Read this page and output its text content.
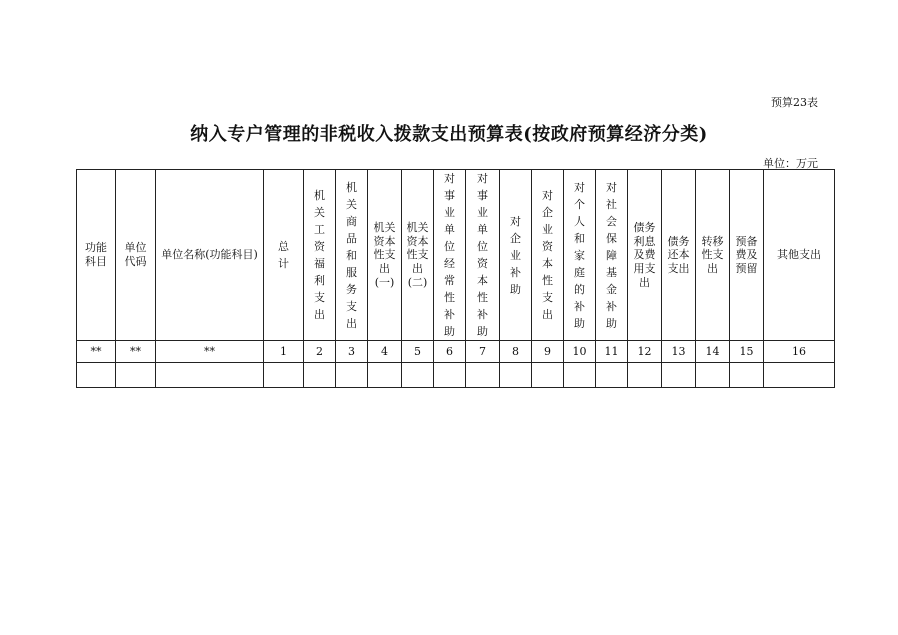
预算23表
纳入专户管理的非税收入拨款支出预算表(按政府预算经济分类)
单位：万元
功能科目	单位代码	单位名称(功能科目)	总计	机关工资福利支出	机关商品和服务支出	机关资本性支出(一)	机关资本性支出(二)	对事业单位经常性补助	对事业单位资本性补助	对企业补助	对企业资本性支出	对个人和家庭的补助	对社会保障基金补助	债务利息及费用支出	债务还本支出	转移性支出	预备费及预留	其他支出

**	**	**	1	2	3	4	5	6	7	8	9	10	11	12	13	14	15	16
